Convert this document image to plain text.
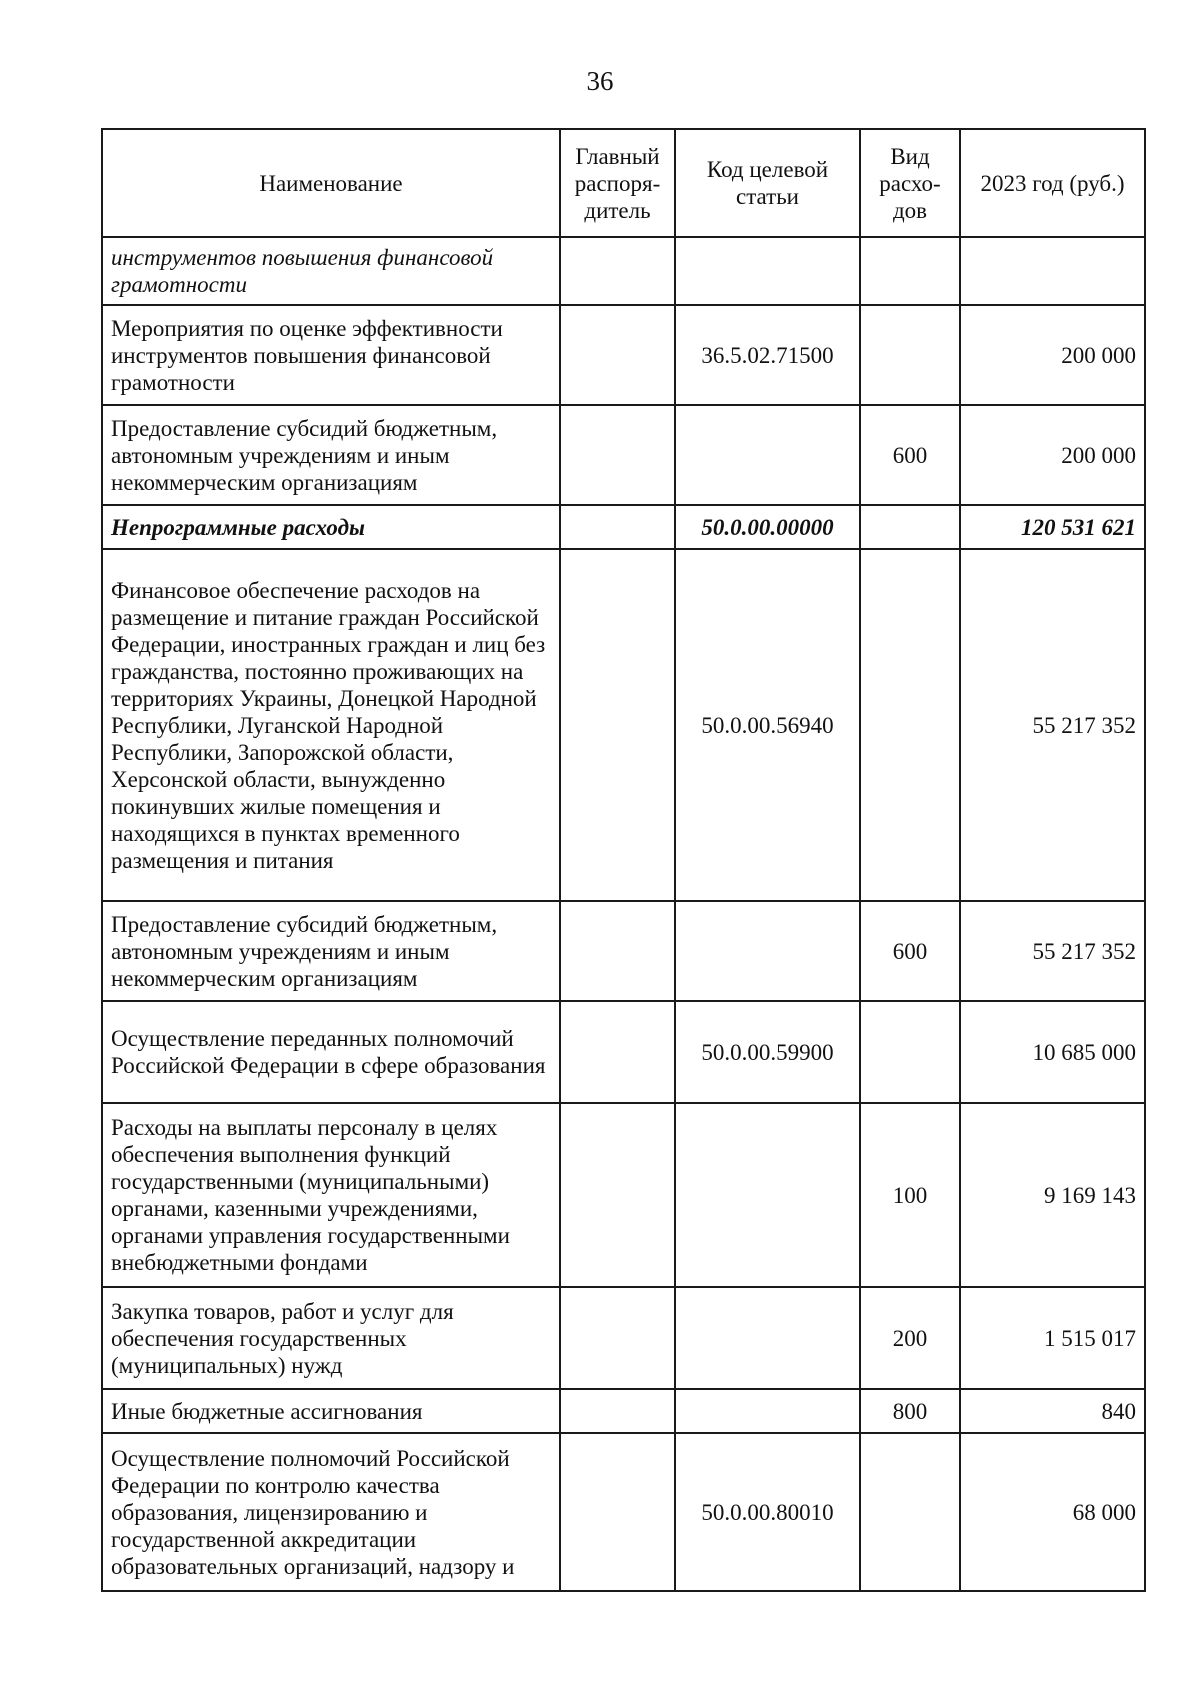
36
Наименование	Главный распоря-дитель	Код целевой статьи	Вид расхо-дов	2023 год (руб.)
инструментов повышения финансовой грамотности				
Мероприятия по оценке эффективности инструментов повышения финансовой грамотности		36.5.02.71500		200 000
Предоставление субсидий бюджетным, автономным учреждениям и иным некоммерческим организациям			600	200 000
Непрограммные расходы		50.0.00.00000		120 531 621
Финансовое обеспечение расходов на размещение и питание граждан Российской Федерации, иностранных граждан и лиц без гражданства, постоянно проживающих на территориях Украины, Донецкой Народной Республики, Луганской Народной Республики, Запорожской области, Херсонской области, вынужденно покинувших жилые помещения и находящихся в пунктах временного размещения и питания		50.0.00.56940		55 217 352
Предоставление субсидий бюджетным, автономным учреждениям и иным некоммерческим организациям			600	55 217 352
Осуществление переданных полномочий Российской Федерации в сфере образования		50.0.00.59900		10 685 000
Расходы на выплаты персоналу в целях обеспечения выполнения функций государственными (муниципальными) органами, казенными учреждениями, органами управления государственными внебюджетными фондами			100	9 169 143
Закупка товаров, работ и услуг для обеспечения государственных (муниципальных) нужд			200	1 515 017
Иные бюджетные ассигнования			800	840
Осуществление полномочий Российской Федерации по контролю качества образования, лицензированию и государственной аккредитации образовательных организаций, надзору и		50.0.00.80010		68 000
